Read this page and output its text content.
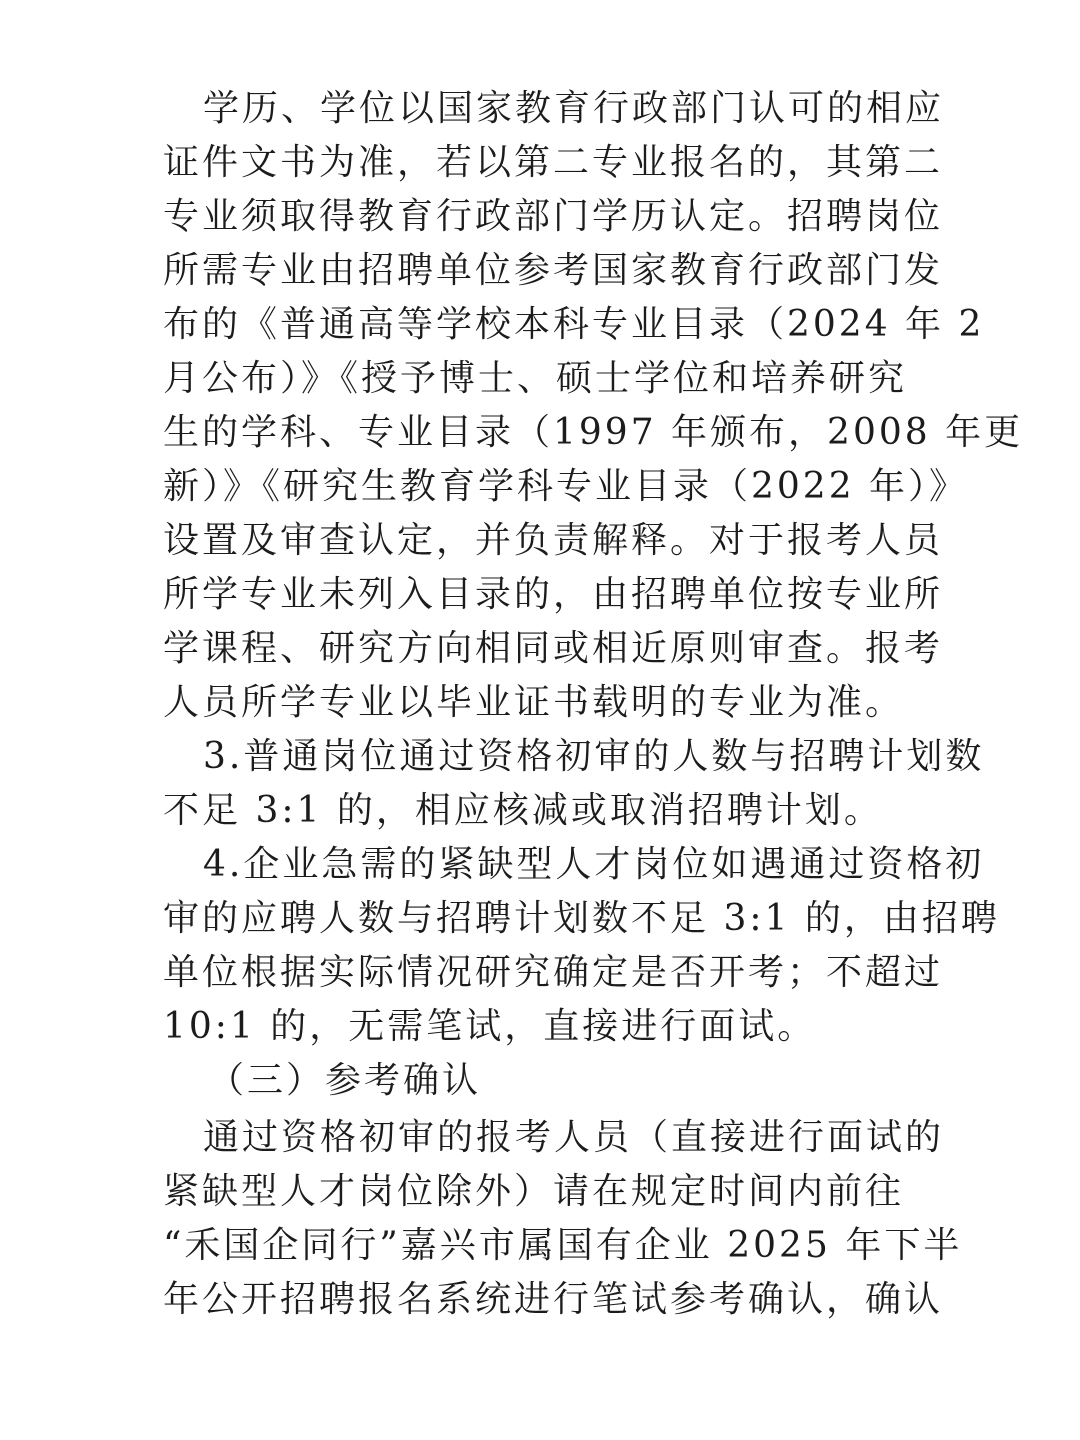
学历、学位以国家教育行政部门认可的相应
证件文书为准，若以第二专业报名的，其第二
专业须取得教育行政部门学历认定。招聘岗位
所需专业由招聘单位参考国家教育行政部门发
布的《普通高等学校本科专业目录（2024 年 2
月公布）》《授予博士、硕士学位和培养研究
生的学科、专业目录（1997 年颁布，2008 年更
新）》《研究生教育学科专业目录（2022 年）》
设置及审查认定，并负责解释。对于报考人员
所学专业未列入目录的，由招聘单位按专业所
学课程、研究方向相同或相近原则审查。报考
人员所学专业以毕业证书载明的专业为准。
3.普通岗位通过资格初审的人数与招聘计划数
不足 3:1 的，相应核减或取消招聘计划。
4.企业急需的紧缺型人才岗位如遇通过资格初
审的应聘人数与招聘计划数不足 3:1 的，由招聘
单位根据实际情况研究确定是否开考；不超过
10:1 的，无需笔试，直接进行面试。
（三）参考确认
通过资格初审的报考人员（直接进行面试的
紧缺型人才岗位除外）请在规定时间内前往
“禾国企同行”嘉兴市属国有企业 2025 年下半
年公开招聘报名系统进行笔试参考确认，确认
